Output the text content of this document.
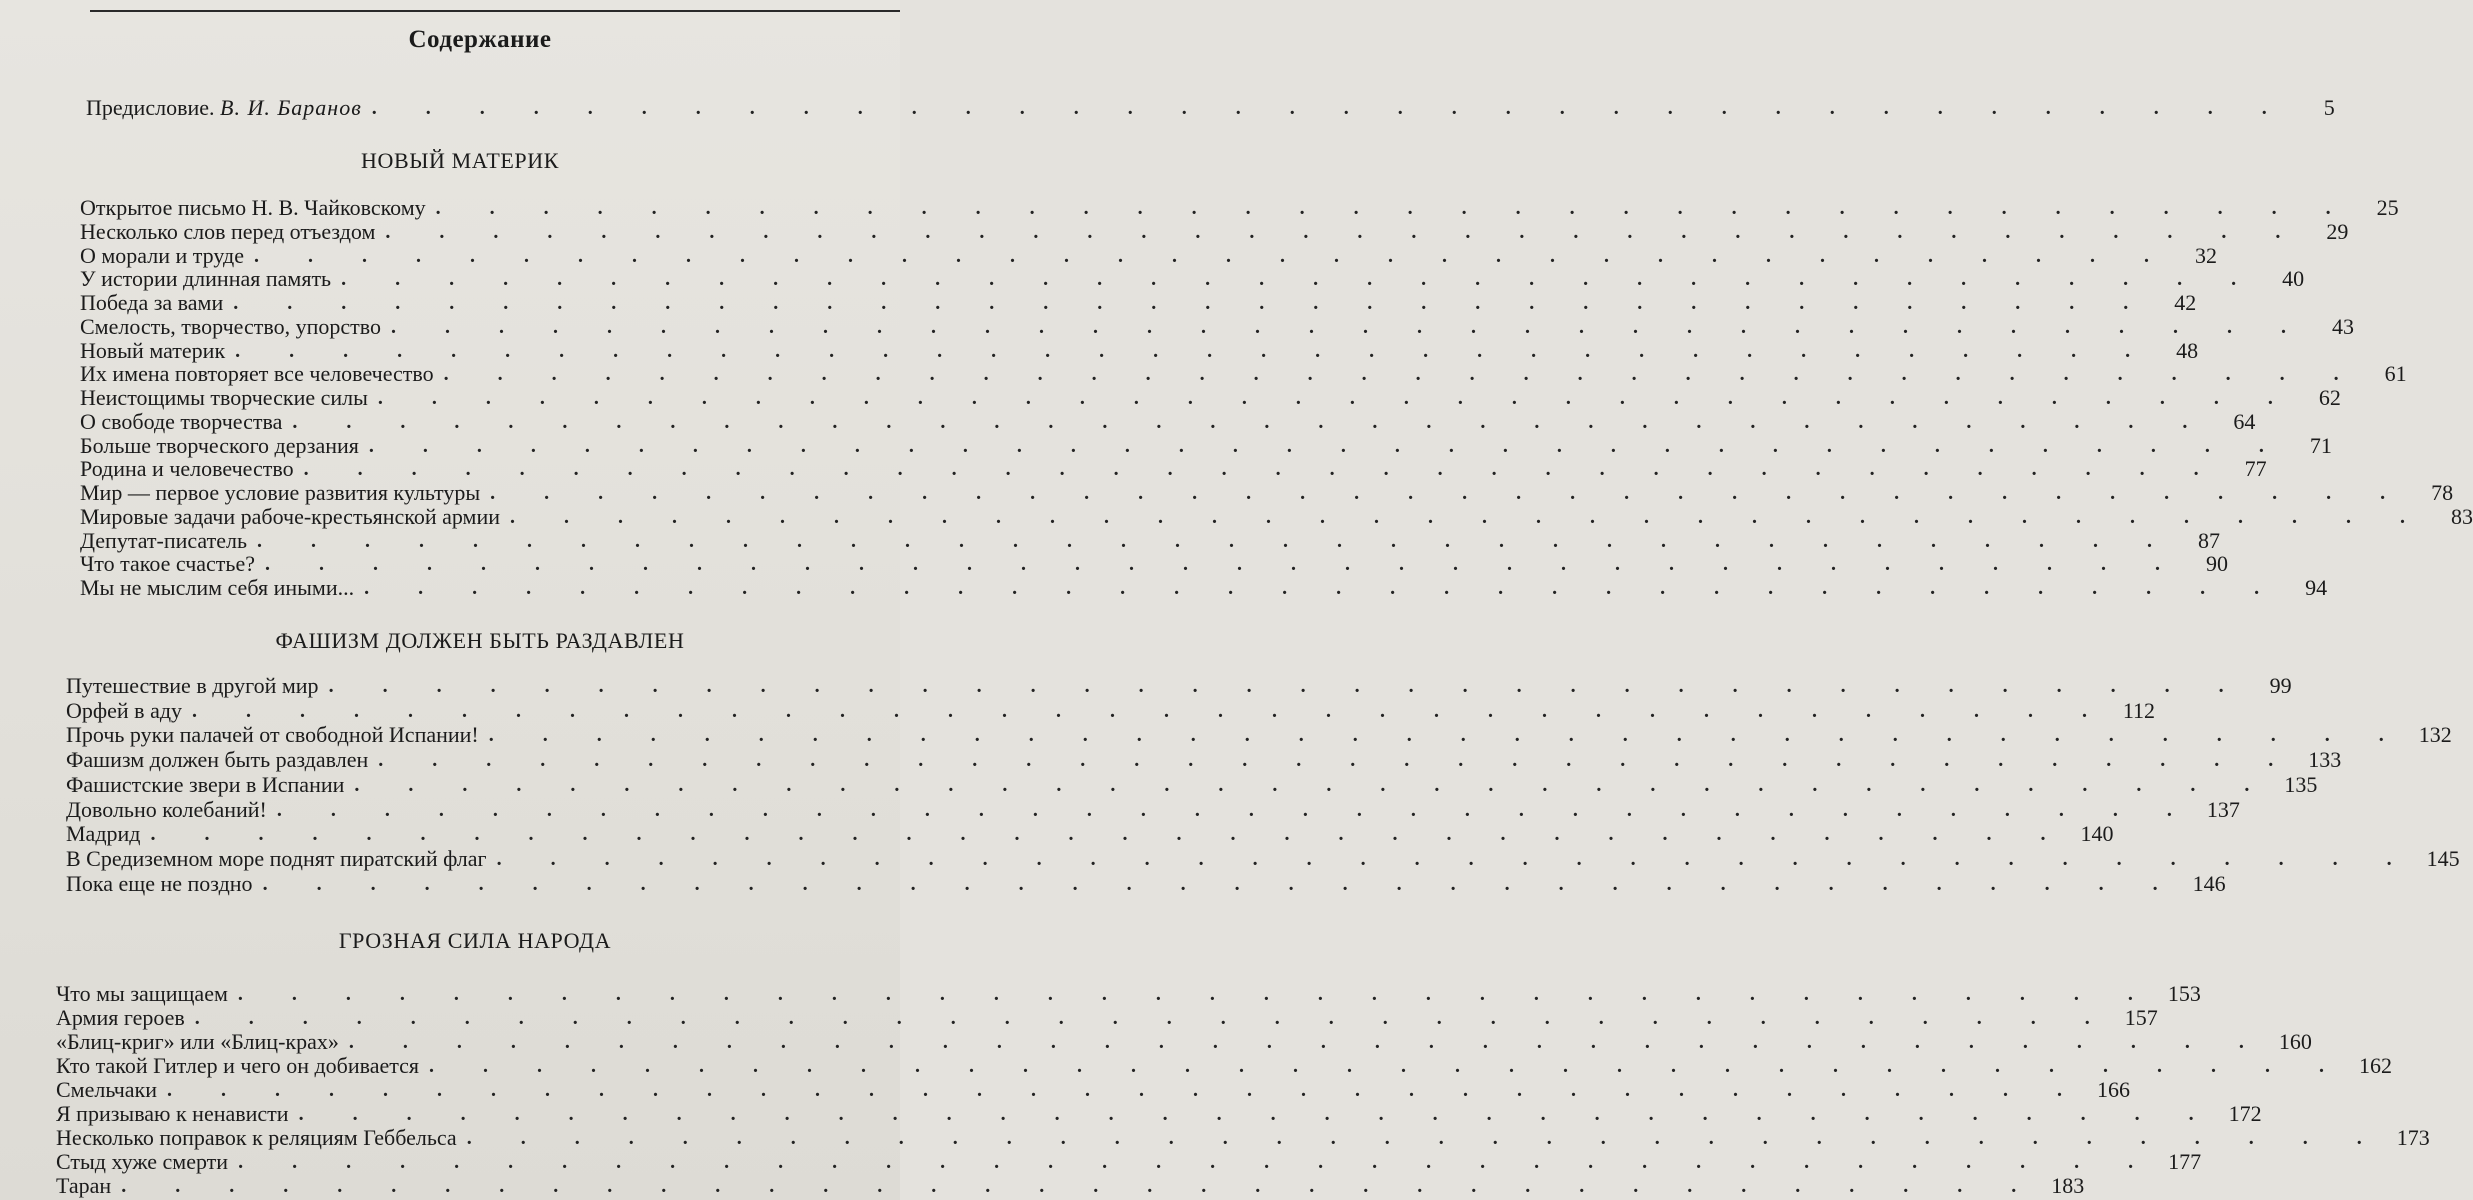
Содержание
Предисловие. В. И. Баранов . . . . . . . . . . . . . . . . . . . . . . . . . . . . . . . . . . . .	5
НОВЫЙ МАТЕРИК
Открытое письмо Н. В. Чайковскому . . . . . . . . . . . . . . . . . . . . . . . . . . . . . . . . . . . .	25
Несколько слов перед отъездом . . . . . . . . . . . . . . . . . . . . . . . . . . . . . . . . . . . .	29
О морали и труде . . . . . . . . . . . . . . . . . . . . . . . . . . . . . . . . . . . .	32
У истории длинная память . . . . . . . . . . . . . . . . . . . . . . . . . . . . . . . . . . . .	40
Победа за вами . . . . . . . . . . . . . . . . . . . . . . . . . . . . . . . . . . . .	42
Смелость, творчество, упорство . . . . . . . . . . . . . . . . . . . . . . . . . . . . . . . . . . . .	43
Новый материк . . . . . . . . . . . . . . . . . . . . . . . . . . . . . . . . . . . .	48
Их имена повторяет все человечество . . . . . . . . . . . . . . . . . . . . . . . . . . . . . . . . . . . .	61
Неистощимы творческие силы . . . . . . . . . . . . . . . . . . . . . . . . . . . . . . . . . . . .	62
О свободе творчества . . . . . . . . . . . . . . . . . . . . . . . . . . . . . . . . . . . .	64
Больше творческого дерзания . . . . . . . . . . . . . . . . . . . . . . . . . . . . . . . . . . . .	71
Родина и человечество . . . . . . . . . . . . . . . . . . . . . . . . . . . . . . . . . . . .	77
Мир — первое условие развития культуры . . . . . . . . . . . . . . . . . . . . . . . . . . . . . . . . . . . .	78
Мировые задачи рабоче-крестьянской армии . . . . . . . . . . . . . . . . . . . . . . . . . . . . . . . . . . . .	83
Депутат-писатель . . . . . . . . . . . . . . . . . . . . . . . . . . . . . . . . . . . .	87
Что такое счастье? . . . . . . . . . . . . . . . . . . . . . . . . . . . . . . . . . . . .	90
Мы не мыслим себя иными... . . . . . . . . . . . . . . . . . . . . . . . . . . . . . . . . . . . .	94
ФАШИЗМ ДОЛЖЕН БЫТЬ РАЗДАВЛЕН
Путешествие в другой мир . . . . . . . . . . . . . . . . . . . . . . . . . . . . . . . . . . . .	99
Орфей в аду . . . . . . . . . . . . . . . . . . . . . . . . . . . . . . . . . . . . 112
Прочь руки палачей от свободной Испании! . . . . . . . . . . . . . . . . . . . . . . . . . . . . . . . . . . . . 132
Фашизм должен быть раздавлен . . . . . . . . . . . . . . . . . . . . . . . . . . . . . . . . . . . . 133
Фашистские звери в Испании . . . . . . . . . . . . . . . . . . . . . . . . . . . . . . . . . . . . 135
Довольно колебаний! . . . . . . . . . . . . . . . . . . . . . . . . . . . . . . . . . . . . 137
Мадрид . . . . . . . . . . . . . . . . . . . . . . . . . . . . . . . . . . . . 140
В Средиземном море поднят пиратский флаг . . . . . . . . . . . . . . . . . . . . . . . . . . . . . . . . . . . . 145
Пока еще не поздно . . . . . . . . . . . . . . . . . . . . . . . . . . . . . . . . . . . . 146
ГРОЗНАЯ СИЛА НАРОДА
Что мы защищаем . . . . . . . . . . . . . . . . . . . . . . . . . . . . . . . . . . . . 153
Армия героев . . . . . . . . . . . . . . . . . . . . . . . . . . . . . . . . . . . . 157
«Блиц-криг» или «Блиц-крах» . . . . . . . . . . . . . . . . . . . . . . . . . . . . . . . . . . . . 160
Кто такой Гитлер и чего он добивается . . . . . . . . . . . . . . . . . . . . . . . . . . . . . . . . . . . . 162
Смельчаки . . . . . . . . . . . . . . . . . . . . . . . . . . . . . . . . . . . . 166
Я призываю к ненависти . . . . . . . . . . . . . . . . . . . . . . . . . . . . . . . . . . . . 172
Несколько поправок к реляциям Геббельса . . . . . . . . . . . . . . . . . . . . . . . . . . . . . . . . . . . . 173
Стыд хуже смерти . . . . . . . . . . . . . . . . . . . . . . . . . . . . . . . . . . . . 177
Таран . . . . . . . . . . . . . . . . . . . . . . . . . . . . . . . . . . . . 183
